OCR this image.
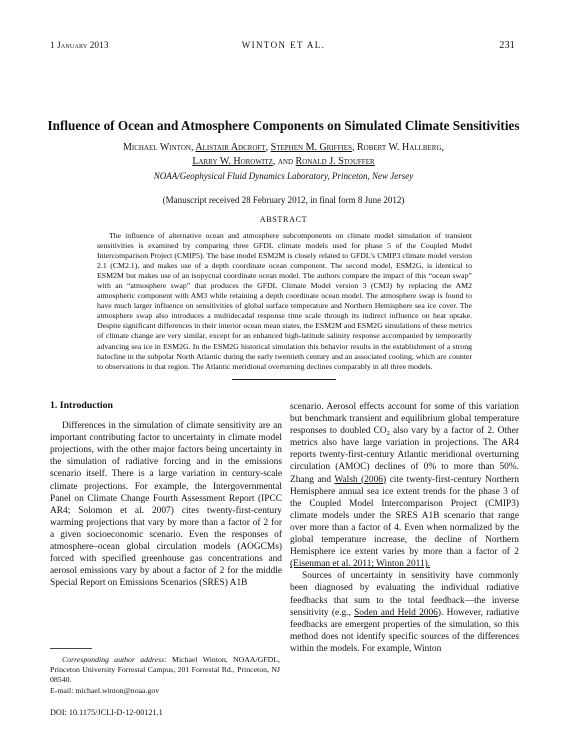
1 January 2013	WINTON ET AL.	231
Influence of Ocean and Atmosphere Components on Simulated Climate Sensitivities
Michael Winton, Alistair Adcroft, Stephen M. Griffies, Robert W. Hallberg,
Larry W. Horowitz, and Ronald J. Stouffer
NOAA/Geophysical Fluid Dynamics Laboratory, Princeton, New Jersey
(Manuscript received 28 February 2012, in final form 8 June 2012)
ABSTRACT

The influence of alternative ocean and atmosphere subcomponents on climate model simulation of transient sensitivities is examined by comparing three GFDL climate models used for phase 5 of the Coupled Model Intercomparison Project (CMIP5). The base model ESM2M is closely related to GFDL’s CMIP3 climate model version 2.1 (CM2.1), and makes use of a depth coordinate ocean component. The second model, ESM2G, is identical to ESM2M but makes use of an isopycnal coordinate ocean model. The authors compare the impact of this “ocean swap” with an “atmosphere swap” that produces the GFDL Climate Model version 3 (CM3) by replacing the AM2 atmospheric component with AM3 while retaining a depth coordinate ocean model. The atmosphere swap is found to have much larger influence on sensitivities of global surface temperature and Northern Hemisphere sea ice cover. The atmosphere swap also introduces a multidecadal response time scale through its indirect influence on heat uptake. Despite significant differences in their interior ocean mean states, the ESM2M and ESM2G simulations of these metrics of climate change are very similar, except for an enhanced high-latitude salinity response accompanied by temporarily advancing sea ice in ESM2G. In the ESM2G historical simulation this behavior results in the establishment of a strong halocline in the subpolar North Atlantic during the early twentieth century and an associated cooling, which are counter to observations in that region. The Atlantic meridional overturning declines comparably in all three models.

1. Introduction

Differences in the simulation of climate sensitivity are an important contributing factor to uncertainty in climate model projections, with the other major factors being uncertainty in the simulation of radiative forcing and in the emissions scenario itself. There is a large variation in century-scale climate projections. For example, the Intergovernmental Panel on Climate Change Fourth Assessment Report (IPCC AR4; Solomon et al. 2007) cites twenty-first-century warming projections that vary by more than a factor of 2 for a given socioeconomic scenario. Even the responses of atmosphere–ocean global circulation models (AOGCMs) forced with specified greenhouse gas concentrations and aerosol emissions vary by about a factor of 2 for the middle Special Report on Emissions Scenarios (SRES) A1B

scenario. Aerosol effects account for some of this variation but benchmark transient and equilibrium global temperature responses to doubled $CO_2$ also vary by a factor of 2. Other metrics also have large variation in projections. The AR4 reports twenty-first-century Atlantic meridional overturning circulation (AMOC) declines of 0% to more than 50%. Zhang and Walsh (2006) cite twenty-first-century Northern Hemisphere annual sea ice extent trends for the phase 3 of the Coupled Model Intercomparison Project (CMIP3) climate models under the SRES A1B scenario that range over more than a factor of 4. Even when normalized by the global temperature increase, the decline of Northern Hemisphere ice extent varies by more than a factor of 2 (Eisenman et al. 2011; Winton 2011).

Sources of uncertainty in sensitivity have commonly been diagnosed by evaluating the individual radiative feedbacks that sum to the total feedback—the inverse sensitivity (e.g., Soden and Held 2006). However, radiative feedbacks are emergent properties of the simulation, so this method does not identify specific sources of the differences within the models. For example, Winton

Corresponding author address: Michael Winton, NOAA/GFDL, Princeton University Forrestal Campus, 201 Forrestal Rd., Princeton, NJ 08540.
E-mail: michael.winton@noaa.gov
DOI: 10.1175/JCLI-D-12-00121.1
